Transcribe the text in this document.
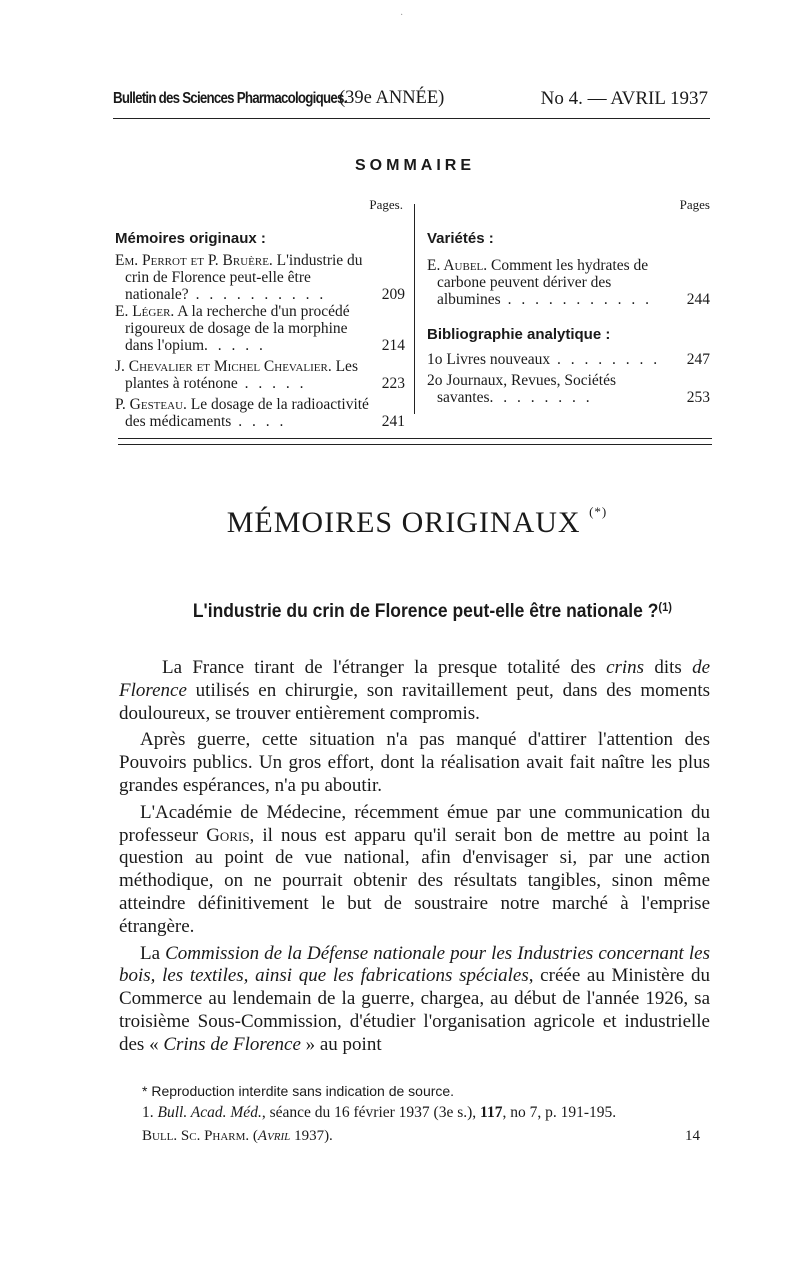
·
Bulletin des Sciences Pharmacologiques.
(39e ANNÉE)	No 4. — AVRIL 1937
SOMMAIRE
Pages.
Mémoires originaux :
Em. Perrot et P. Bruère. L'industrie du crin de Florence peut-elle être nationale? . . . . . . . . . .	209
E. Léger. A la recherche d'un procédé rigoureux de dosage de la morphine dans l'opium. . . . .	214
J. Chevalier et Michel Chevalier. Les plantes à roténone . . . . .	223
P. Gesteau. Le dosage de la radioactivité des médicaments . . . .	241
Pages
Variétés :
E. Aubel. Comment les hydrates de carbone peuvent dériver des albumines . . . . . . . . . . . 244
Bibliographie analytique :
1o Livres nouveaux . . . . . . . . 247
2o Journaux, Revues, Sociétés savantes. . . . . . . .	253
MÉMOIRES ORIGINAUX (*)
L'industrie du crin de Florence peut-elle être nationale ?$^{(1)}$

La France tirant de l'étranger la presque totalité des crins dits de Florence utilisés en chirurgie, son ravitaillement peut, dans des moments douloureux, se trouver entièrement compromis.

Après guerre, cette situation n'a pas manqué d'attirer l'attention des Pouvoirs publics. Un gros effort, dont la réalisation avait fait naître les plus grandes espérances, n'a pu aboutir.

L'Académie de Médecine, récemment émue par une communication du professeur Goris, il nous est apparu qu'il serait bon de mettre au point la question au point de vue national, afin d'envisager si, par une action méthodique, on ne pourrait obtenir des résultats tangibles, sinon même atteindre définitivement le but de soustraire notre marché à l'emprise étrangère.

La Commission de la Défense nationale pour les Industries concernant les bois, les textiles, ainsi que les fabrications spéciales, créée au Ministère du Commerce au lendemain de la guerre, chargea, au début de l'année 1926, sa troisième Sous-Commission, d'étudier l'organisation agricole et industrielle des « Crins de Florence » au point

* Reproduction interdite sans indication de source.
1. Bull. Acad. Méd., séance du 16 février 1937 (3e s.), 117, no 7, p. 191-195.
Bull. Sc. Pharm. (Avril 1937).	14
